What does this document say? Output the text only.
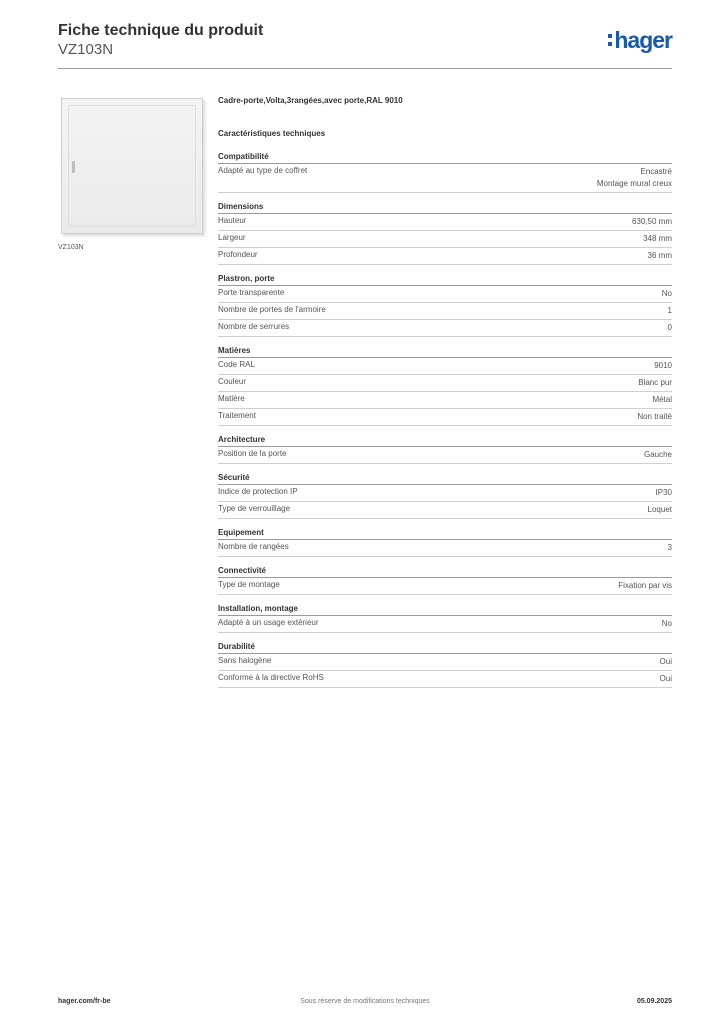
Fiche technique du produit
VZ103N	hager
VZ103N
Cadre-porte,Volta,3rangées,avec porte,RAL 9010
Caractéristiques techniques
Compatibilité
Adapté au type de coffret	Encastré
Montage mural creux
Dimensions
Hauteur	630,50 mm
Largeur	348 mm
Profondeur	36 mm
Plastron, porte
Porte transparente	No
Nombre de portes de l'armoire	1
Nombre de serrures	0
Matières
Code RAL	9010
Couleur	Blanc pur
Matière	Métal
Traitement	Non traité
Architecture
Position de la porte	Gauche
Sécurité
Indice de protection IP	IP30
Type de verrouillage	Loquet
Equipement
Nombre de rangées	3
Connectivité
Type de montage	Fixation par vis
Installation, montage
Adapté à un usage extérieur	No
Durabilité
Sans halogène	Oui
Conforme à la directive RoHS	Oui
hager.com/fr-be	Sous réserve de modifications techniques	05.09.2025
